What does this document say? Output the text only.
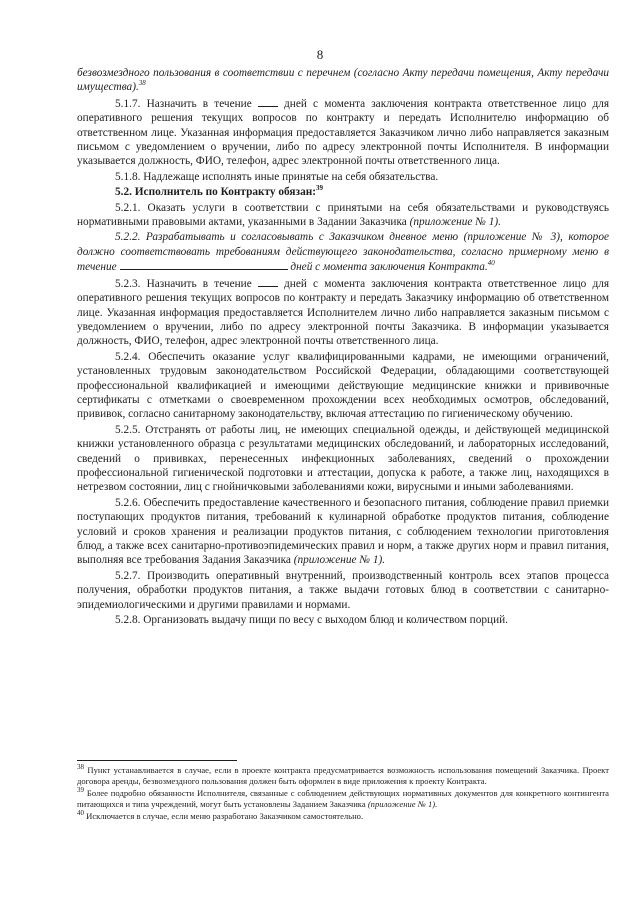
8

безвозмездного пользования в соответствии с перечнем (согласно Акту передачи помещения, Акту передачи имущества).$^{38}$

5.1.7. Назначить в течение	дней с момента заключения контракта ответственное лицо для оперативного решения текущих вопросов по контракту и передать Исполнителю информацию об ответственном лице. Указанная информация предоставляется Заказчиком лично либо направляется заказным письмом с уведомлением о вручении, либо по адресу электронной почты Исполнителя. В информации указывается должность, ФИО, телефон, адрес электронной почты ответственного лица.

5.1.8. Надлежаще исполнять иные принятые на себя обязательства.

5.2. Исполнитель по Контракту обязан:$^{39}$

5.2.1. Оказать услуги в соответствии с принятыми на себя обязательствами и руководствуясь нормативными правовыми актами, указанными в Задании Заказчика (приложение № 1).

5.2.2. Разрабатывать и согласовывать с Заказчиком дневное меню (приложение № 3), которое должно соответствовать требованиям действующего законодательства, согласно примерному меню в течение	дней с момента заключения Контракта.$^{40}$

5.2.3. Назначить в течение	дней с момента заключения контракта ответственное лицо для оперативного решения текущих вопросов по контракту и передать Заказчику информацию об ответственном лице. Указанная информация предоставляется Исполнителем лично либо направляется заказным письмом с уведомлением о вручении, либо по адресу электронной почты Заказчика. В информации указывается должность, ФИО, телефон, адрес электронной почты ответственного лица.

5.2.4. Обеспечить оказание услуг квалифицированными кадрами, не имеющими ограничений, установленных трудовым законодательством Российской Федерации, обладающими соответствующей профессиональной квалификацией и имеющими действующие медицинские книжки и прививочные сертификаты с отметками о своевременном прохождении всех необходимых осмотров, обследований, прививок, согласно санитарному законодательству, включая аттестацию по гигиеническому обучению.

5.2.5. Отстранять от работы лиц, не имеющих специальной одежды, и действующей медицинской книжки установленного образца с результатами медицинских обследований, и лабораторных исследований, сведений о прививках, перенесенных инфекционных заболеваниях, сведений о прохождении профессиональной гигиенической подготовки и аттестации, допуска к работе, а также лиц, находящихся в нетрезвом состоянии, лиц с гнойничковыми заболеваниями кожи, вирусными и иными заболеваниями.

5.2.6. Обеспечить предоставление качественного и безопасного питания, соблюдение правил приемки поступающих продуктов питания, требований к кулинарной обработке продуктов питания, соблюдение условий и сроков хранения и реализации продуктов питания, с соблюдением технологии приготовления блюд, а также всех санитарно-противоэпидемических правил и норм, а также других норм и правил питания, выполняя все требования Задания Заказчика (приложение № 1).

5.2.7. Производить оперативный внутренний, производственный контроль всех этапов процесса получения, обработки продуктов питания, а также выдачи готовых блюд в соответствии с санитарно-эпидемиологическими и другими правилами и нормами.

5.2.8. Организовать выдачу пищи по весу с выходом блюд и количеством порций.

$^{38}$ Пункт устанавливается в случае, если в проекте контракта предусматривается возможность использования помещений Заказчика. Проект договора аренды, безвозмездного пользования должен быть оформлен в виде приложения к проекту Контракта.

$^{39}$ Более подробно обязанности Исполнителя, связанные с соблюдением действующих нормативных документов для конкретного контингента питающихся и типа учреждений, могут быть установлены Заданием Заказчика (приложение № 1).

$^{40}$ Исключается в случае, если меню разработано Заказчиком самостоятельно.
